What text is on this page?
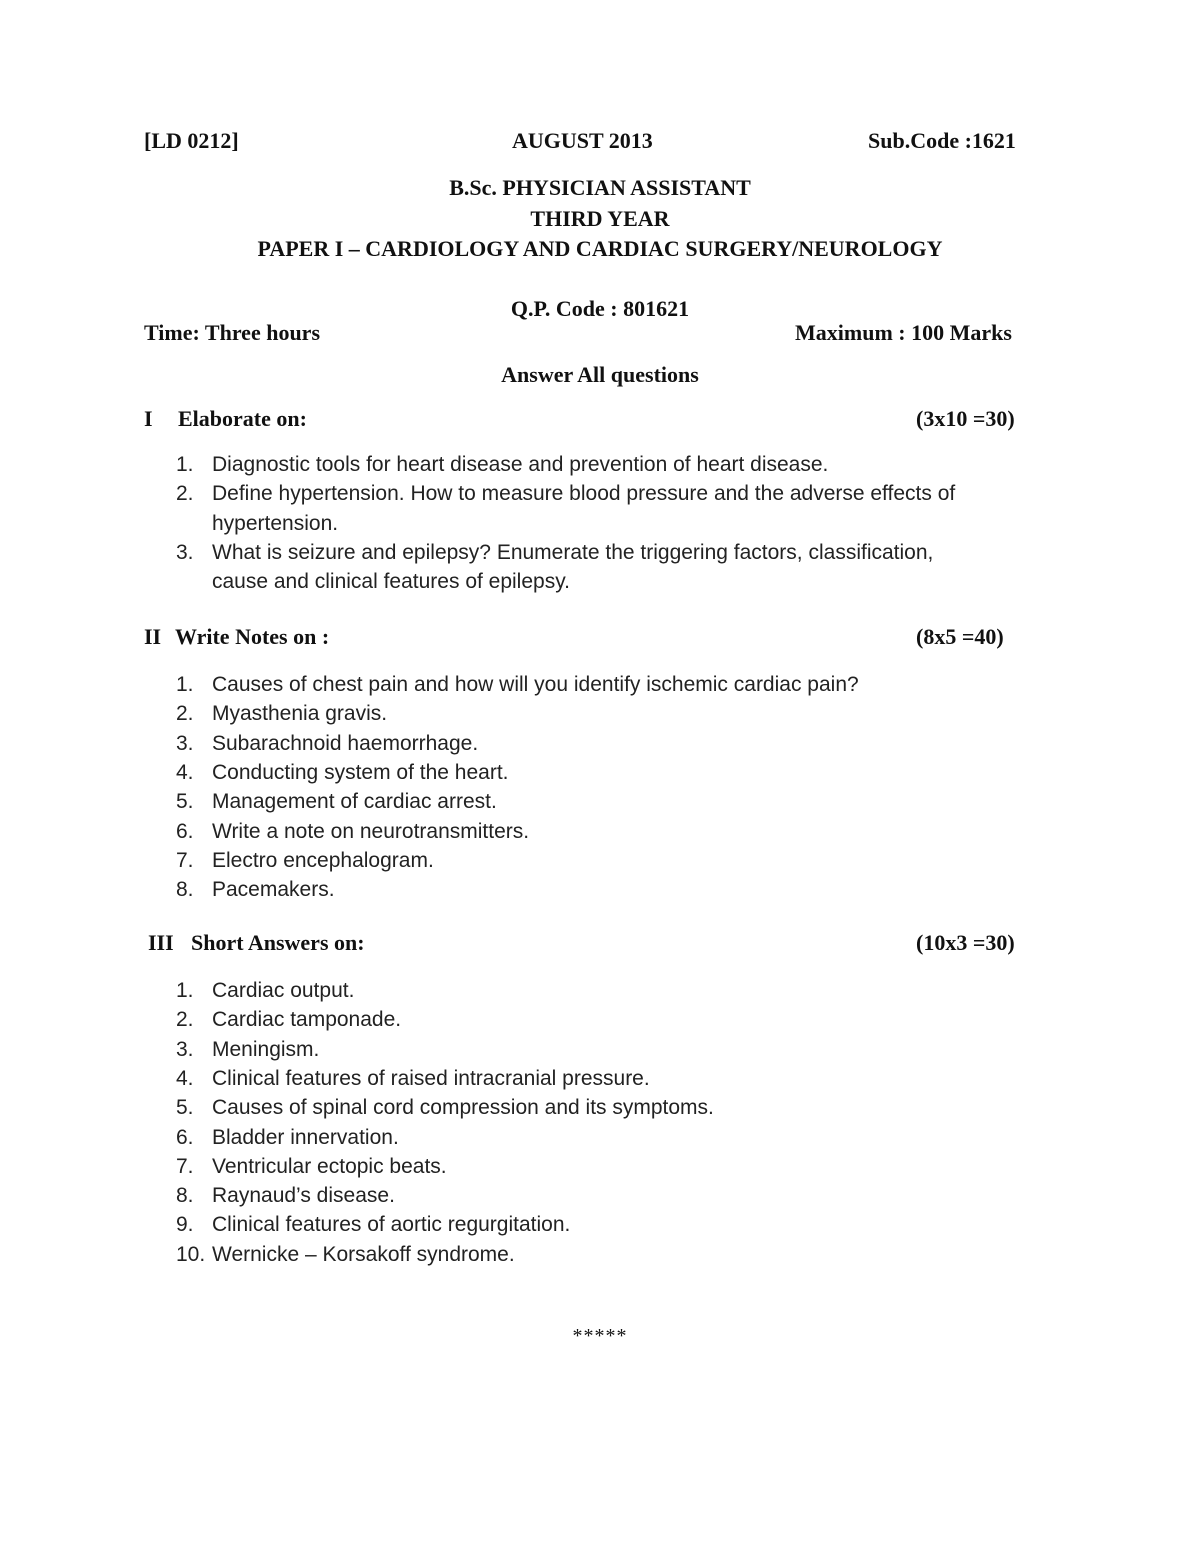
[LD 0212]	AUGUST 2013	Sub.Code :1621
B.Sc. PHYSICIAN ASSISTANT
THIRD YEAR
PAPER I – CARDIOLOGY AND CARDIAC SURGERY/NEUROLOGY
Q.P. Code : 801621
Time: Three hours	Maximum : 100 Marks
Answer All questions
I Elaborate on:	(3x10 =30)
1. Diagnostic tools for heart disease and prevention of heart disease.
2. Define hypertension. How to measure blood pressure and the adverse effects of
hypertension.
3. What is seizure and epilepsy? Enumerate the triggering factors, classification,
cause and clinical features of epilepsy.
II Write Notes on :	(8x5 =40)
1. Causes of chest pain and how will you identify ischemic cardiac pain?
2. Myasthenia gravis.
3. Subarachnoid haemorrhage.
4. Conducting system of the heart.
5. Management of cardiac arrest.
6. Write a note on neurotransmitters.
7. Electro encephalogram.
8. Pacemakers.
III Short Answers on:	(10x3 =30)
1. Cardiac output.
2. Cardiac tamponade.
3. Meningism.
4. Clinical features of raised intracranial pressure.
5. Causes of spinal cord compression and its symptoms.
6. Bladder innervation.
7. Ventricular ectopic beats.
8. Raynaud’s disease.
9. Clinical features of aortic regurgitation.
10. Wernicke – Korsakoff syndrome.
*****
